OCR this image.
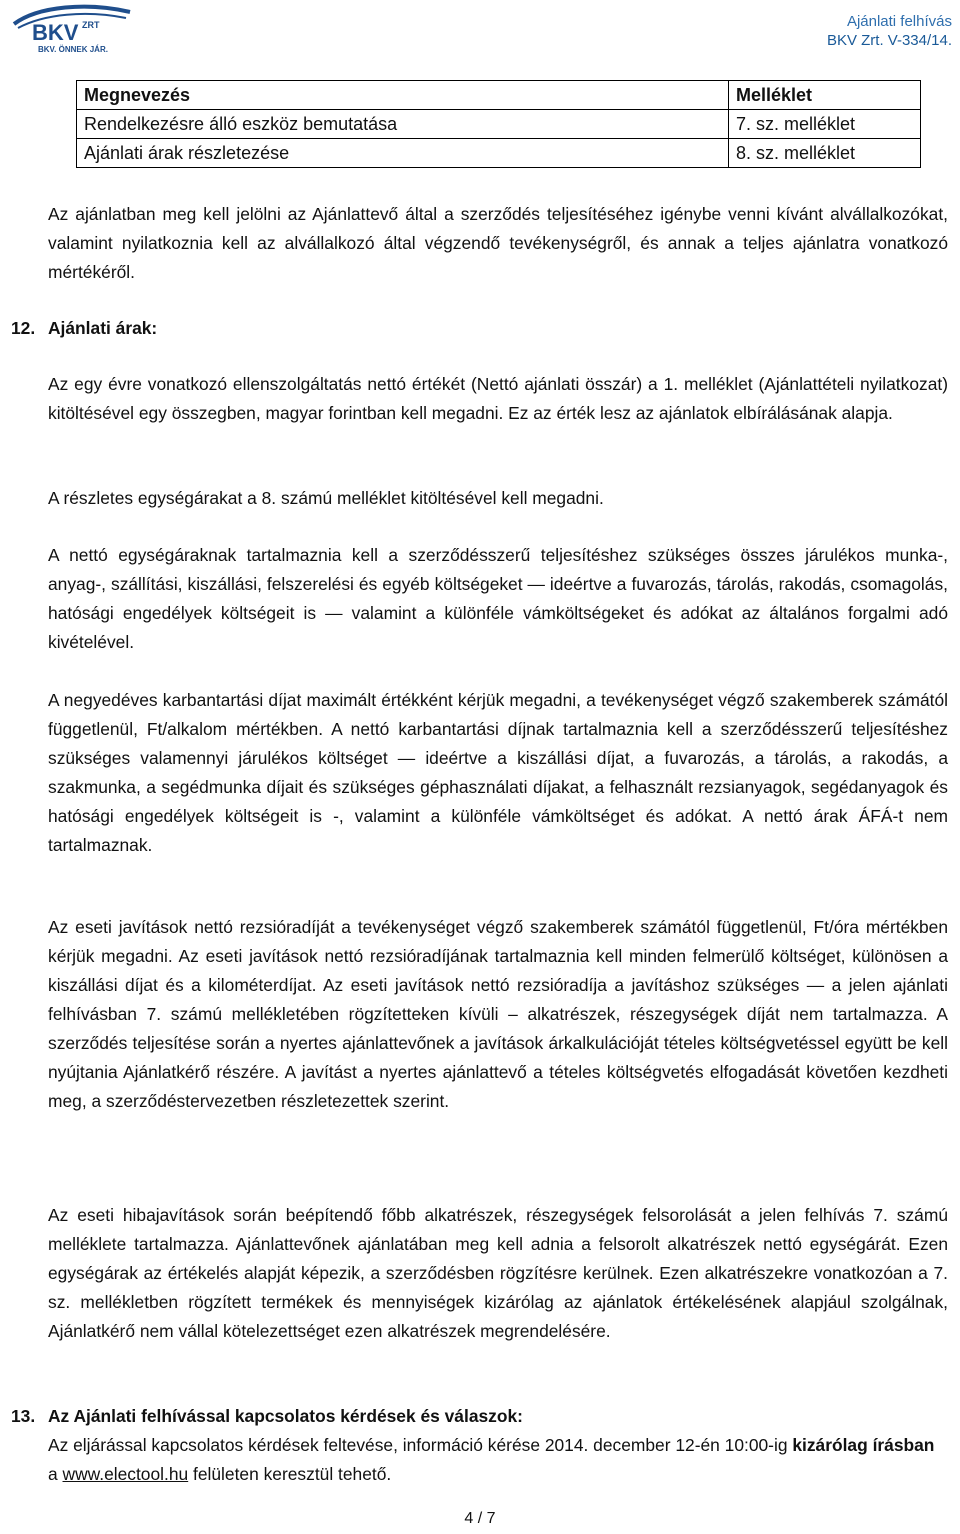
BKV ZRT
BKV. ÖNNEK JÁR.
Ajánlati felhívás
BKV Zrt. V-334/14.
Megnevezés	Melléklet
Rendelkezésre álló eszköz bemutatása	7. sz. melléklet
Ajánlati árak részletezése	8. sz. melléklet

Az ajánlatban meg kell jelölni az Ajánlattevő által a szerződés teljesítéséhez igénybe venni kívánt alvállalkozókat, valamint nyilatkoznia kell az alvállalkozó által végzendő tevékenységről, és annak a teljes ajánlatra vonatkozó mértékéről.

12. Ajánlati árak:

Az egy évre vonatkozó ellenszolgáltatás nettó értékét (Nettó ajánlati összár) a 1. melléklet (Ajánlattételi nyilatkozat) kitöltésével egy összegben, magyar forintban kell megadni. Ez az érték lesz az ajánlatok elbírálásának alapja.

A részletes egységárakat a 8. számú melléklet kitöltésével kell megadni.

A nettó egységáraknak tartalmaznia kell a szerződésszerű teljesítéshez szükséges összes járulékos munka-, anyag-, szállítási, kiszállási, felszerelési és egyéb költségeket — ideértve a fuvarozás, tárolás, rakodás, csomagolás, hatósági engedélyek költségeit is — valamint a különféle vámköltségeket és adókat az általános forgalmi adó kivételével.

A negyedéves karbantartási díjat maximált értékként kérjük megadni, a tevékenységet végző szakemberek számától függetlenül, Ft/alkalom mértékben. A nettó karbantartási díjnak tartalmaznia kell a szerződésszerű teljesítéshez szükséges valamennyi járulékos költséget — ideértve a kiszállási díjat, a fuvarozás, a tárolás, a rakodás, a szakmunka, a segédmunka díjait és szükséges géphasználati díjakat, a felhasznált rezsianyagok, segédanyagok és hatósági engedélyek költségeit is -, valamint a különféle vámköltséget és adókat. A nettó árak ÁFÁ-t nem tartalmaznak.

Az eseti javítások nettó rezsióradíját a tevékenységet végző szakemberek számától függetlenül, Ft/óra mértékben kérjük megadni. Az eseti javítások nettó rezsióradíjának tartalmaznia kell minden felmerülő költséget, különösen a kiszállási díjat és a kilométerdíjat. Az eseti javítások nettó rezsióradíja a javításhoz szükséges — a jelen ajánlati felhívásban 7. számú mellékletében rögzítetteken kívüli – alkatrészek, részegységek díját nem tartalmazza. A szerződés teljesítése során a nyertes ajánlattevőnek a javítások árkalkulációját tételes költségvetéssel együtt be kell nyújtania Ajánlatkérő részére. A javítást a nyertes ajánlattevő a tételes költségvetés elfogadását követően kezdheti meg, a szerződéstervezetben részletezettek szerint.

Az eseti hibajavítások során beépítendő főbb alkatrészek, részegységek felsorolását a jelen felhívás 7. számú melléklete tartalmazza. Ajánlattevőnek ajánlatában meg kell adnia a felsorolt alkatrészek nettó egységárát. Ezen egységárak az értékelés alapját képezik, a szerződésben rögzítésre kerülnek. Ezen alkatrészekre vonatkozóan a 7. sz. mellékletben rögzített termékek és mennyiségek kizárólag az ajánlatok értékelésének alapjául szolgálnak, Ajánlatkérő nem vállal kötelezettséget ezen alkatrészek megrendelésére.

13. Az Ajánlati felhívással kapcsolatos kérdések és válaszok:

Az eljárással kapcsolatos kérdések feltevése, információ kérése 2014. december 12-én 10:00-ig kizárólag írásban a www.electool.hu felületen keresztül tehető.

4 / 7
